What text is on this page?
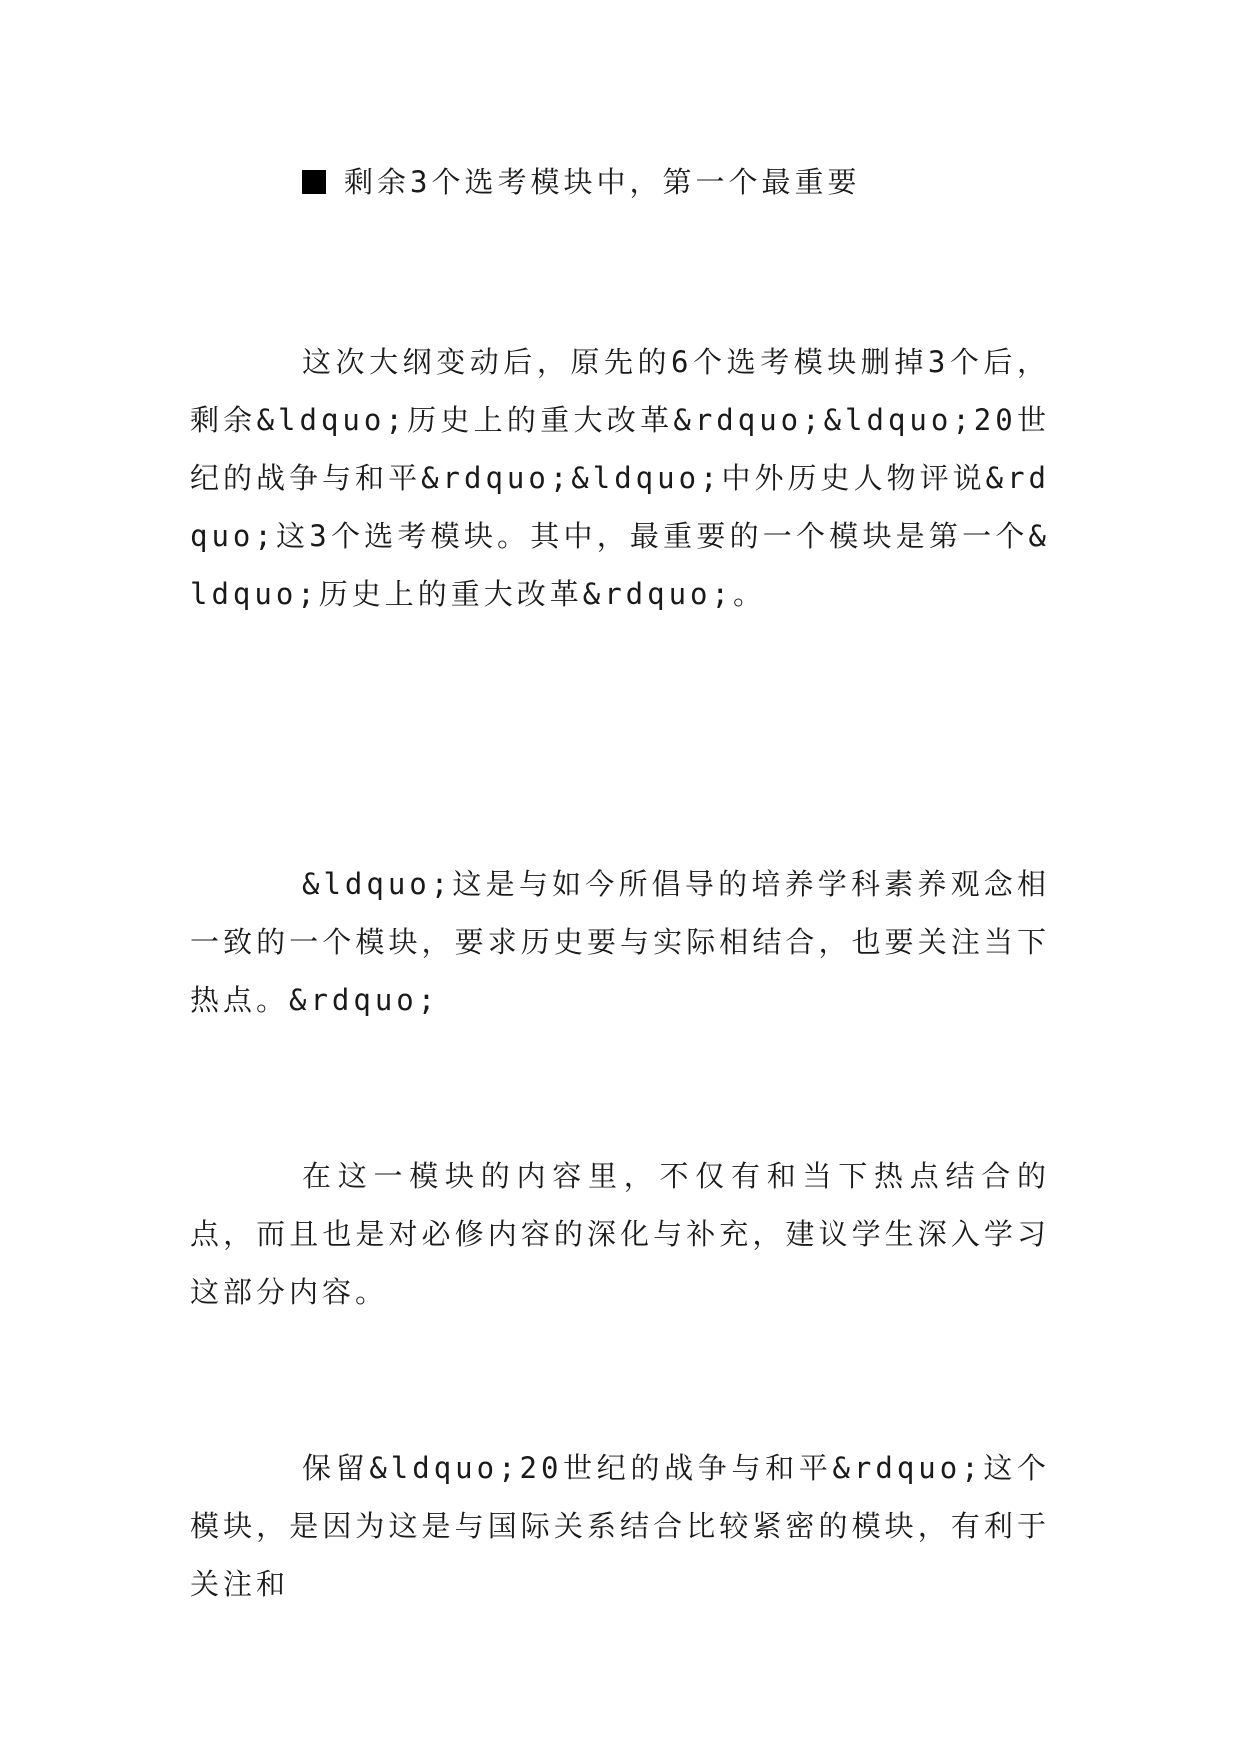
剩余3个选考模块中，第一个最重要

这次大纲变动后，原先的6个选考模块删掉3个后，剩余&ldquo;历史上的重大改革&rdquo;&ldquo;20世纪的战争与和平&rdquo;&ldquo;中外历史人物评说&rdquo;这3个选考模块。其中，最重要的一个模块是第一个&ldquo;历史上的重大改革&rdquo;。

&ldquo;这是与如今所倡导的培养学科素养观念相一致的一个模块，要求历史要与实际相结合，也要关注当下热点。&rdquo;

在这一模块的内容里，不仅有和当下热点结合的点，而且也是对必修内容的深化与补充，建议学生深入学习这部分内容。

保留&ldquo;20世纪的战争与和平&rdquo;这个模块，是因为这是与国际关系结合比较紧密的模块，有利于关注和
